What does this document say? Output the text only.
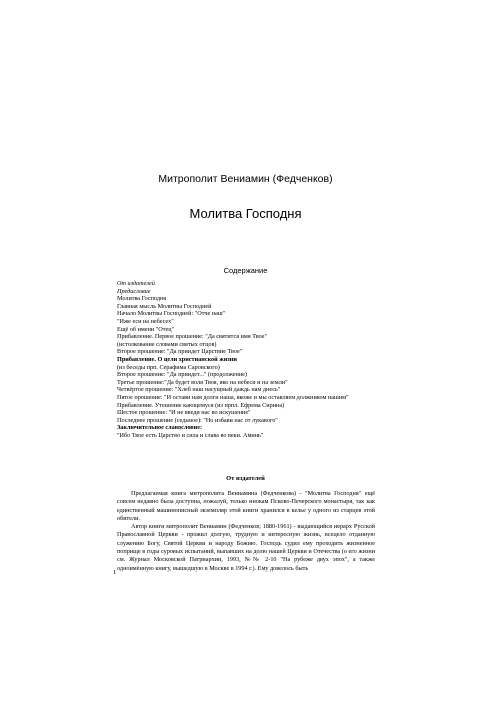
Митрополит Вениамин (Федченков)
Молитва Господня
Содержание
От издателей
Предисловие
Молитва Господня
Главная мысль Молитвы Господней
Начало Молитвы Господней: "Отче наш"
"Иже еси на небесех"
Ещё об имени "Отец"
Прибавление. Первое прошение: "Да святится имя Твое"
(истолкование словами святых отцов)
Второе прошение: "Да приидет Царствие Твое"
Прибавление. О цели христианской жизни
(из беседы прп. Серафима Саровского)
Второе прошение: "Да приидет..." (продолжение)
Третье прошение:"Да будет воля Твоя, яко на небеси и на земли"
Четвёртое прошение: "Хлеб наш насущный даждь нам днесь"
Пятое прошение: "И остави нам долги наша, якоже и мы оставляем должником нашим"
Прибавление. Утешение кающемуся (из прпл. Ефрема Сирина)
Шестое прошение: "И не введи нас во искушение"
Последнее прошение (седьмое): "Но избави нас от лукавого"
Заключительное славословие:
"Ибо Твое есть Царство и сила и слава во веки. Аминь"
От издателей

Предлагаемая книга митрополита Вениамина (Федченкова) - "Молитва Господня" ещё совсем недавно была доступна, пожалуй, только инокам Псково-Печерского монастыря, так как единственный машинописный экземпляр этой книги хранился в келье у одного из старцев этой обители.

Автор книги митрополит Вениамин (Федченков; 1880-1961) - выдающийся иерарх Русской Православной Церкви - прожил долгую, трудную и интересную жизнь, всецело отданную служению Богу, Святой Церкви и народу Божию. Господь судил ему проходить жизненное поприще в годы суровых испытаний, выпавших на долю нашей Церкви и Отечества (о его жизни см. Журнал Московской Патриархии, 1993, №№ 2-10 "На рубеже двух эпох", а также одноимённую книгу, вышедшую в Москве в 1994 г.). Ему довелось быть

1
